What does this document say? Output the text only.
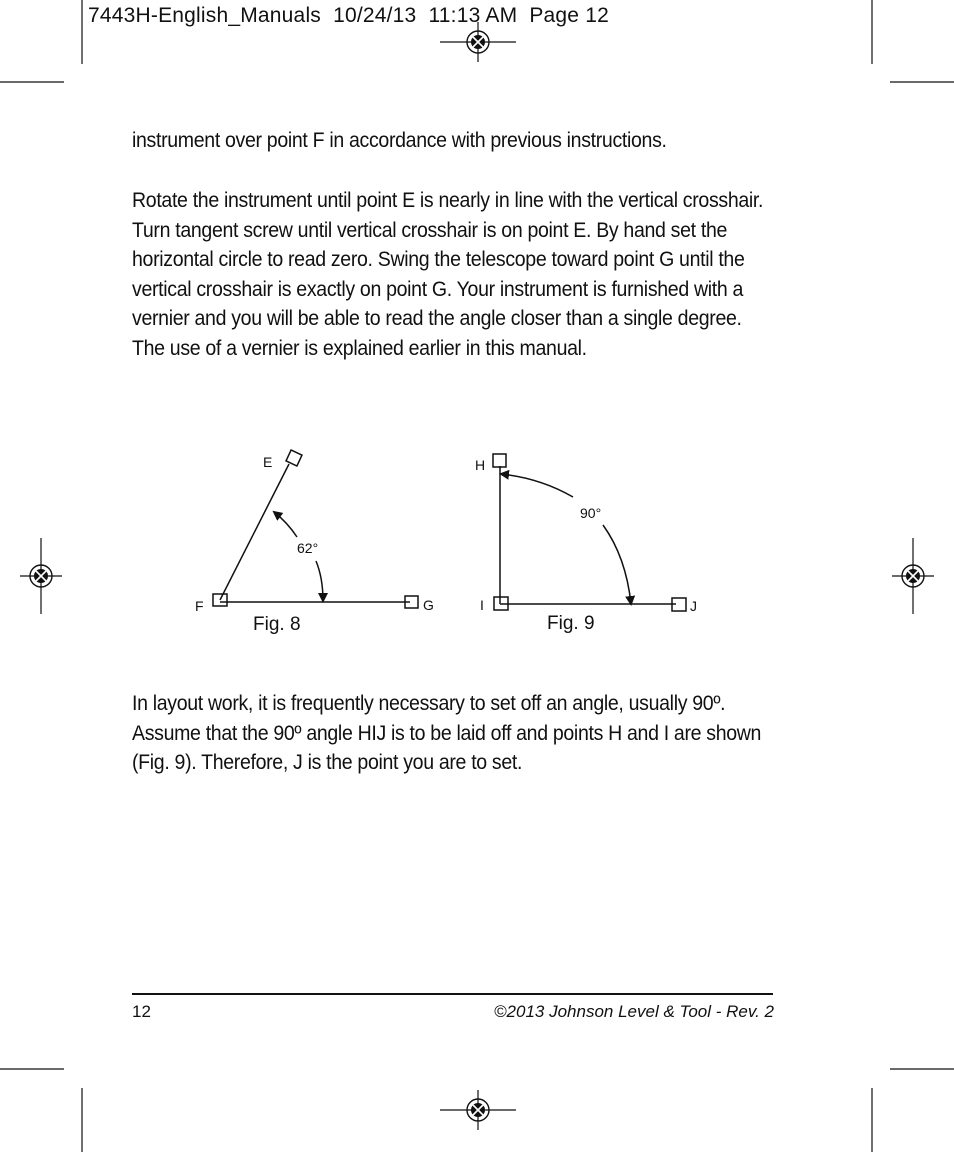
7443H-English_Manuals  10/24/13  11:13 AM  Page 12
instrument over point F in accordance with previous instructions.
Rotate the instrument until point E is nearly in line with the vertical crosshair. Turn tangent screw until vertical crosshair is on point E. By hand set the horizontal circle to read zero. Swing the telescope toward point G until the vertical crosshair is exactly on point G. Your instrument is furnished with a vernier and you will be able to read the angle closer than a single degree. The use of a vernier is explained earlier in this manual.
E
F	G
62°
H
I	J
90°
Fig. 8	Fig. 9
In layout work, it is frequently necessary to set off an angle, usually 90º. Assume that the 90º angle HIJ is to be laid off and points H and I are shown (Fig. 9). Therefore, J is the point you are to set.
12	©2013 Johnson Level & Tool - Rev. 2
